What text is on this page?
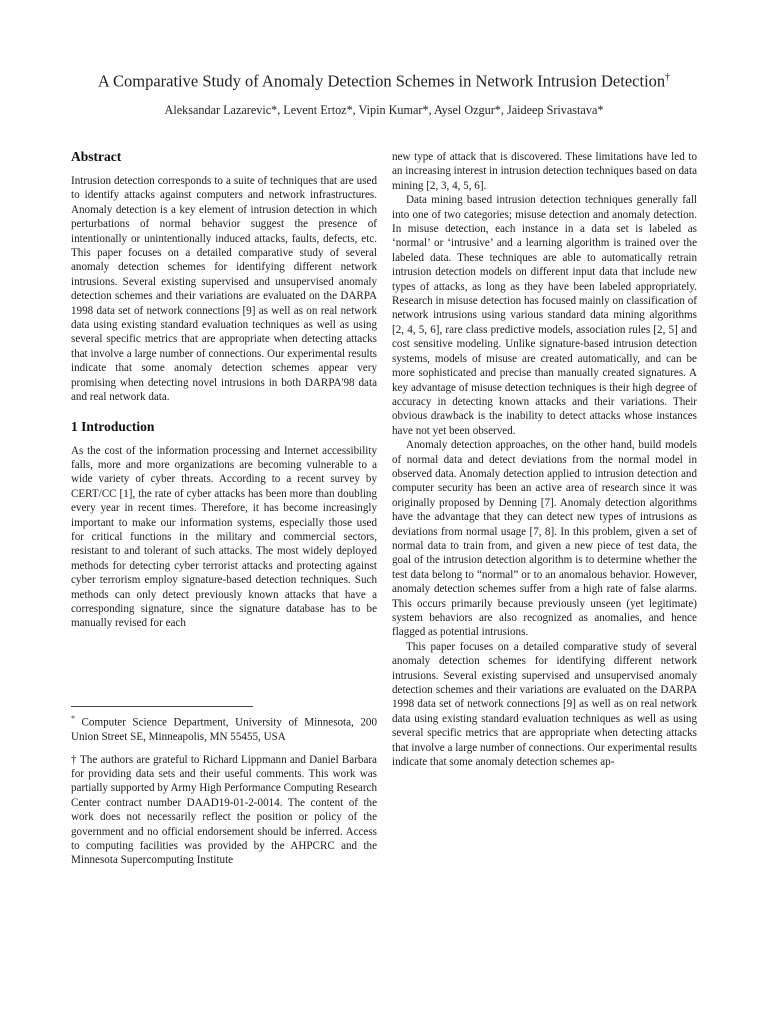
A Comparative Study of Anomaly Detection Schemes in Network Intrusion Detection†
Aleksandar Lazarevic*, Levent Ertoz*, Vipin Kumar*, Aysel Ozgur*, Jaideep Srivastava*
Abstract

Intrusion detection corresponds to a suite of techniques that are used to identify attacks against computers and network infrastructures. Anomaly detection is a key element of intrusion detection in which perturbations of normal behavior suggest the presence of intentionally or unintentionally induced attacks, faults, defects, etc. This paper focuses on a detailed comparative study of several anomaly detection schemes for identifying different network intrusions. Several existing supervised and unsupervised anomaly detection schemes and their variations are evaluated on the DARPA 1998 data set of network connections [9] as well as on real network data using existing standard evaluation techniques as well as using several specific metrics that are appropriate when detecting attacks that involve a large number of connections. Our experimental results indicate that some anomaly detection schemes appear very promising when detecting novel intrusions in both DARPA'98 data and real network data.

1 Introduction

As the cost of the information processing and Internet accessibility falls, more and more organizations are becoming vulnerable to a wide variety of cyber threats. According to a recent survey by CERT/CC [1], the rate of cyber attacks has been more than doubling every year in recent times. Therefore, it has become increasingly important to make our information systems, especially those used for critical functions in the military and commercial sectors, resistant to and tolerant of such attacks. The most widely deployed methods for detecting cyber terrorist attacks and protecting against cyber terrorism employ signature-based detection techniques. Such methods can only detect previously known attacks that have a corresponding signature, since the signature database has to be manually revised for each

* Computer Science Department, University of Minnesota, 200 Union Street SE, Minneapolis, MN 55455, USA

† The authors are grateful to Richard Lippmann and Daniel Barbara for providing data sets and their useful comments. This work was partially supported by Army High Performance Computing Research Center contract number DAAD19-01-2-0014. The content of the work does not necessarily reflect the position or policy of the government and no official endorsement should be inferred. Access to computing facilities was provided by the AHPCRC and the Minnesota Supercomputing Institute

new type of attack that is discovered. These limitations have led to an increasing interest in intrusion detection techniques based on data mining [2, 3, 4, 5, 6].

Data mining based intrusion detection techniques generally fall into one of two categories; misuse detection and anomaly detection. In misuse detection, each instance in a data set is labeled as ‘normal’ or ‘intrusive’ and a learning algorithm is trained over the labeled data. These techniques are able to automatically retrain intrusion detection models on different input data that include new types of attacks, as long as they have been labeled appropriately. Research in misuse detection has focused mainly on classification of network intrusions using various standard data mining algorithms [2, 4, 5, 6], rare class predictive models, association rules [2, 5] and cost sensitive modeling. Unlike signature-based intrusion detection systems, models of misuse are created automatically, and can be more sophisticated and precise than manually created signatures. A key advantage of misuse detection techniques is their high degree of accuracy in detecting known attacks and their variations. Their obvious drawback is the inability to detect attacks whose instances have not yet been observed.

Anomaly detection approaches, on the other hand, build models of normal data and detect deviations from the normal model in observed data. Anomaly detection applied to intrusion detection and computer security has been an active area of research since it was originally proposed by Denning [7]. Anomaly detection algorithms have the advantage that they can detect new types of intrusions as deviations from normal usage [7, 8]. In this problem, given a set of normal data to train from, and given a new piece of test data, the goal of the intrusion detection algorithm is to determine whether the test data belong to “normal” or to an anomalous behavior. However, anomaly detection schemes suffer from a high rate of false alarms. This occurs primarily because previously unseen (yet legitimate) system behaviors are also recognized as anomalies, and hence flagged as potential intrusions.

This paper focuses on a detailed comparative study of several anomaly detection schemes for identifying different network intrusions. Several existing supervised and unsupervised anomaly detection schemes and their variations are evaluated on the DARPA 1998 data set of network connections [9] as well as on real network data using existing standard evaluation techniques as well as using several specific metrics that are appropriate when detecting attacks that involve a large number of connections. Our experimental results indicate that some anomaly detection schemes ap-
